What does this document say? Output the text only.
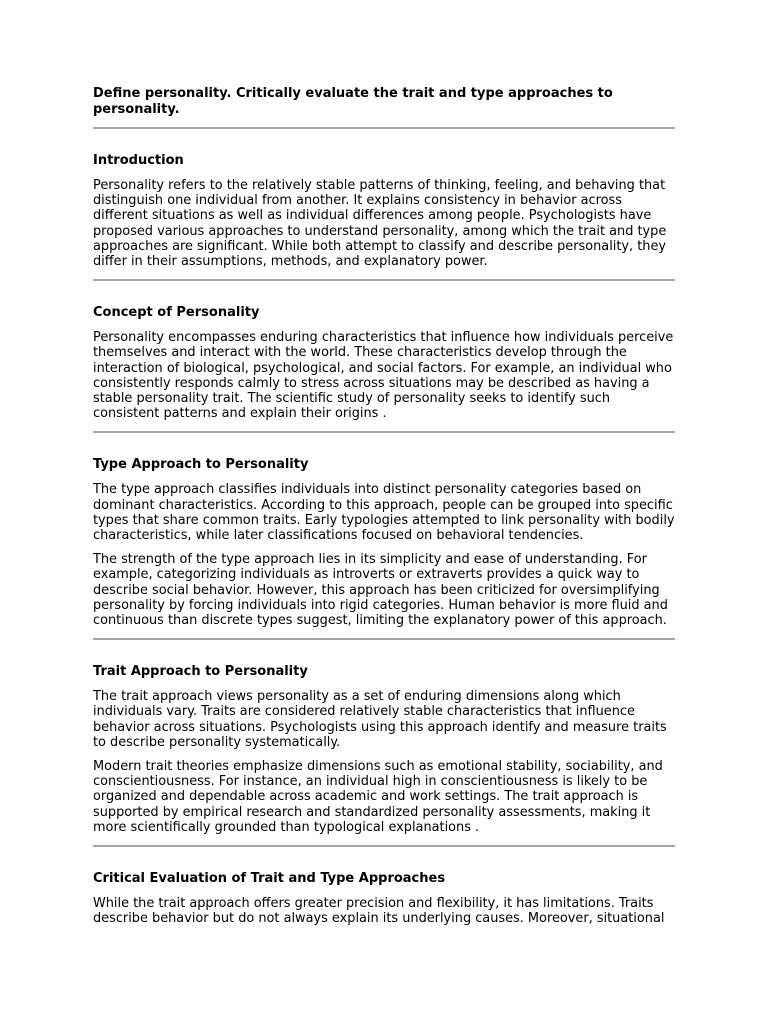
Define personality. Critically evaluate the trait and type approaches to personality.
Introduction

Personality refers to the relatively stable patterns of thinking, feeling, and behaving that distinguish one individual from another. It explains consistency in behavior across different situations as well as individual differences among people. Psychologists have proposed various approaches to understand personality, among which the trait and type approaches are significant. While both attempt to classify and describe personality, they differ in their assumptions, methods, and explanatory power.

Concept of Personality

Personality encompasses enduring characteristics that influence how individuals perceive themselves and interact with the world. These characteristics develop through the interaction of biological, psychological, and social factors. For example, an individual who consistently responds calmly to stress across situations may be described as having a stable personality trait. The scientific study of personality seeks to identify such consistent patterns and explain their origins .

Type Approach to Personality

The type approach classifies individuals into distinct personality categories based on dominant characteristics. According to this approach, people can be grouped into specific types that share common traits. Early typologies attempted to link personality with bodily characteristics, while later classifications focused on behavioral tendencies.

The strength of the type approach lies in its simplicity and ease of understanding. For example, categorizing individuals as introverts or extraverts provides a quick way to describe social behavior. However, this approach has been criticized for oversimplifying personality by forcing individuals into rigid categories. Human behavior is more fluid and continuous than discrete types suggest, limiting the explanatory power of this approach.

Trait Approach to Personality

The trait approach views personality as a set of enduring dimensions along which individuals vary. Traits are considered relatively stable characteristics that influence behavior across situations. Psychologists using this approach identify and measure traits to describe personality systematically.

Modern trait theories emphasize dimensions such as emotional stability, sociability, and conscientiousness. For instance, an individual high in conscientiousness is likely to be organized and dependable across academic and work settings. The trait approach is supported by empirical research and standardized personality assessments, making it more scientifically grounded than typological explanations .

Critical Evaluation of Trait and Type Approaches

While the trait approach offers greater precision and flexibility, it has limitations. Traits describe behavior but do not always explain its underlying causes. Moreover, situational
